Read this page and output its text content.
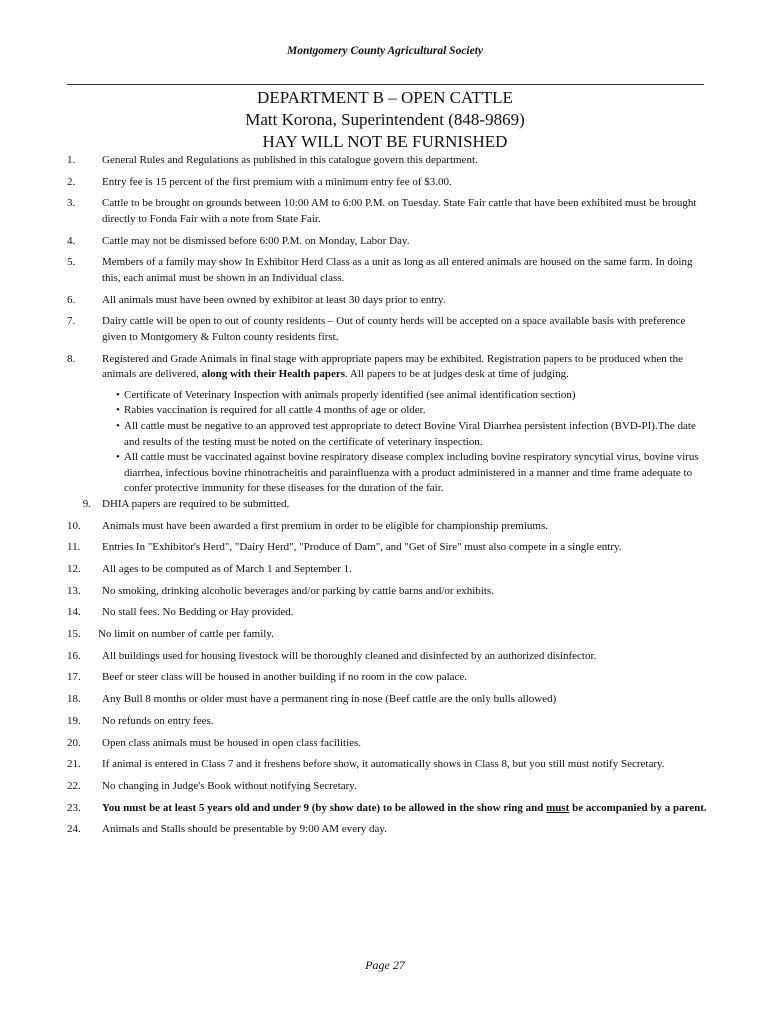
Montgomery County Agricultural Society
DEPARTMENT B – OPEN CATTLE
Matt Korona, Superintendent (848-9869)
HAY WILL NOT BE FURNISHED
1.	General Rules and Regulations as published in this catalogue govern this department.
2.	Entry fee is 15 percent of the first premium with a minimum entry fee of $3.00.
3.	Cattle to be brought on grounds between 10:00 AM to 6:00 P.M. on Tuesday. State Fair cattle that have been exhibited must be brought directly to Fonda Fair with a note from State Fair.
4.	Cattle may not be dismissed before 6:00 P.M. on Monday, Labor Day.
5.	Members of a family may show In Exhibitor Herd Class as a unit as long as all entered animals are housed on the same farm. In doing this, each animal must be shown in an Individual class.
6.	All animals must have been owned by exhibitor at least 30 days prior to entry.
7.	Dairy cattle will be open to out of county residents – Out of county herds will be accepted on a space available basis with preference given to Montgomery & Fulton county residents first.
8.	Registered and Grade Animals in final stage with appropriate papers may be exhibited. Registration papers to be produced when the animals are delivered, along with their Health papers. All papers to be at judges desk at time of judging.
• Certificate of Veterinary Inspection with animals properly identified (see animal identification section)
• Rabies vaccination is required for all cattle 4 months of age or older.
• All cattle must be negative to an approved test appropriate to detect Bovine Viral Diarrhea persistent infection (BVD-PI).The date and results of the testing must be noted on the certificate of veterinary inspection.
• All cattle must be vaccinated against bovine respiratory disease complex including bovine respiratory syncytial virus, bovine virus diarrhea, infectious bovine rhinotracheitis and parainfluenza with a product administered in a manner and time frame adequate to confer protective immunity for these diseases for the duration of the fair.
9. DHIA papers are required to be submitted.
10.	Animals must have been awarded a first premium in order to be eligible for championship premiums.
11.	Entries In "Exhibitor's Herd", "Dairy Herd", "Produce of Dam", and "Get of Sire" must also compete in a single entry.
12.	All ages to be computed as of March 1 and September 1.
13.	No smoking, drinking alcoholic beverages and/or parking by cattle barns and/or exhibits.
14.	No stall fees. No Bedding or Hay provided.
15.	No limit on number of cattle per family.
16.	All buildings used for housing livestock will be thoroughly cleaned and disinfected by an authorized disinfector.
17.	Beef or steer class will be housed in another building if no room in the cow palace.
18.	Any Bull 8 months or older must have a permanent ring in nose (Beef cattle are the only bulls allowed)
19.	No refunds on entry fees.
20.	Open class animals must be housed in open class facilities.
21.	If animal is entered in Class 7 and it freshens before show, it automatically shows in Class 8, but you still must notify Secretary.
22.	No changing in Judge's Book without notifying Secretary.
23.	You must be at least 5 years old and under 9 (by show date) to be allowed in the show ring and must be accompanied by a parent.
24.	Animals and Stalls should be presentable by 9:00 AM every day.
Page 27
